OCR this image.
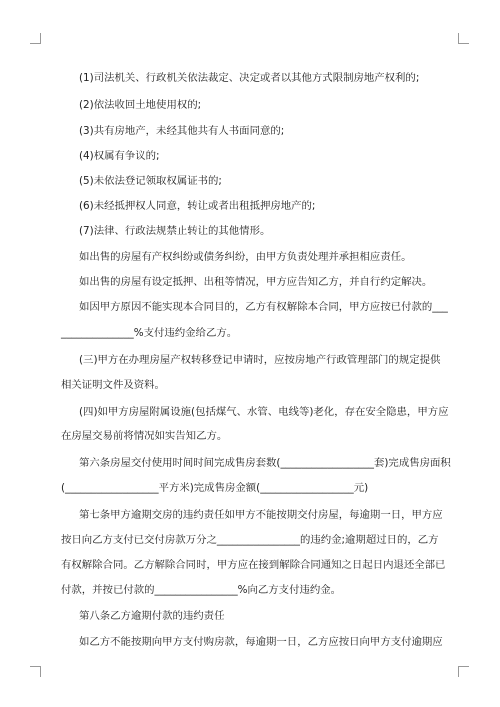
(1)司法机关、行政机关依法裁定、决定或者以其他方式限制房地产权利的;
(2)依法收回土地使用权的;
(3)共有房地产，未经其他共有人书面同意的;
(4)权属有争议的;
(5)未依法登记领取权属证书的;
(6)未经抵押权人同意，转让或者出租抵押房地产的;
(7)法律、行政法规禁止转让的其他情形。
如出售的房屋有产权纠纷或债务纠纷，由甲方负责处理并承担相应责任。
如出售的房屋有设定抵押、出租等情况，甲方应告知乙方，并自行约定解决。
如因甲方原因不能实现本合同目的，乙方有权解除本合同，甲方应按已付款的___
______________%支付违约金给乙方。
(三)甲方在办理房屋产权转移登记申请时，应按房地产行政管理部门的规定提供
相关证明文件及资料。
(四)如甲方房屋附属设施(包括煤气、水管、电线等)老化，存在安全隐患，甲方应
在房屋交易前将情况如实告知乙方。
第六条房屋交付使用时间时间完成售房套数(__________________套)完成售房面积
(__________________平方米)完成售房金额(__________________元)
第七条甲方逾期交房的违约责任如甲方不能按期交付房屋，每逾期一日，甲方应
按日向乙方支付已交付房款万分之________________的违约金;逾期超过日的，乙方
有权解除合同。乙方解除合同时，甲方应在接到解除合同通知之日起日内退还全部已
付款，并按已付款的________________%向乙方支付违约金。
第八条乙方逾期付款的违约责任
如乙方不能按期向甲方支付购房款，每逾期一日，乙方应按日向甲方支付逾期应
